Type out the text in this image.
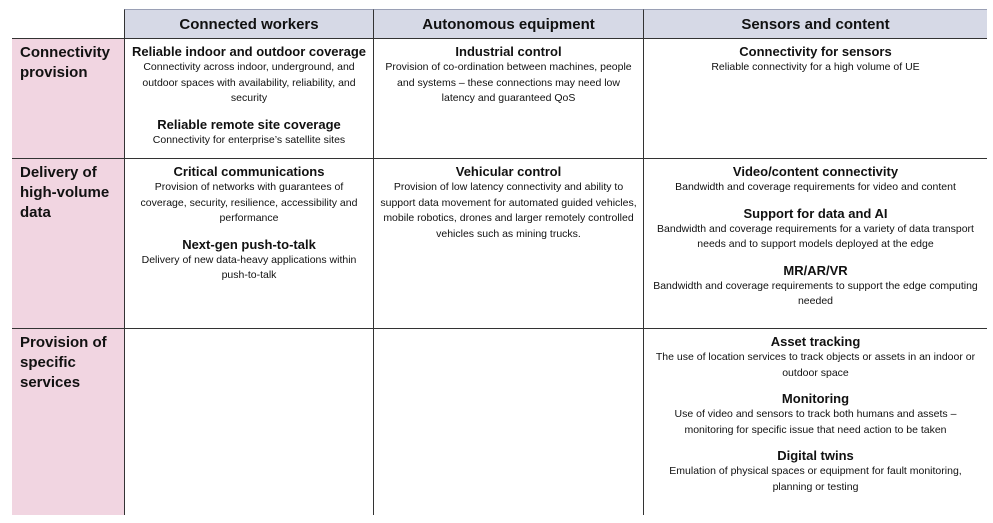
Connected workers	Autonomous equipment	Sensors and content
Connectivity provision
Reliable indoor and outdoor coverage
Connectivity across indoor, underground, and outdoor spaces with availability, reliability, and security
Reliable remote site coverage
Connectivity for enterprise’s satellite sites
Industrial control
Provision of co-ordination between machines, people and systems – these connections may need low latency and guaranteed QoS
Connectivity for sensors
Reliable connectivity for a high volume of UE
Delivery of high-volume data
Critical communications
Provision of networks with guarantees of coverage, security, resilience, accessibility and performance
Next-gen push-to-talk
Delivery of new data-heavy applications within push-to-talk
Vehicular control
Provision of low latency connectivity and ability to support data movement for automated guided vehicles, mobile robotics, drones and larger remotely controlled vehicles such as mining trucks.
Video/content connectivity
Bandwidth and coverage requirements for video and content
Support for data and AI
Bandwidth and coverage requirements for a variety of data transport needs and to support models deployed at the edge
MR/AR/VR
Bandwidth and coverage requirements to support the edge computing needed
Provision of specific services
Asset tracking
The use of location services to track objects or assets in an indoor or outdoor space
Monitoring
Use of video and sensors to track both humans and assets – monitoring for specific issue that need action to be taken
Digital twins
Emulation of physical spaces or equipment for fault monitoring, planning or testing
